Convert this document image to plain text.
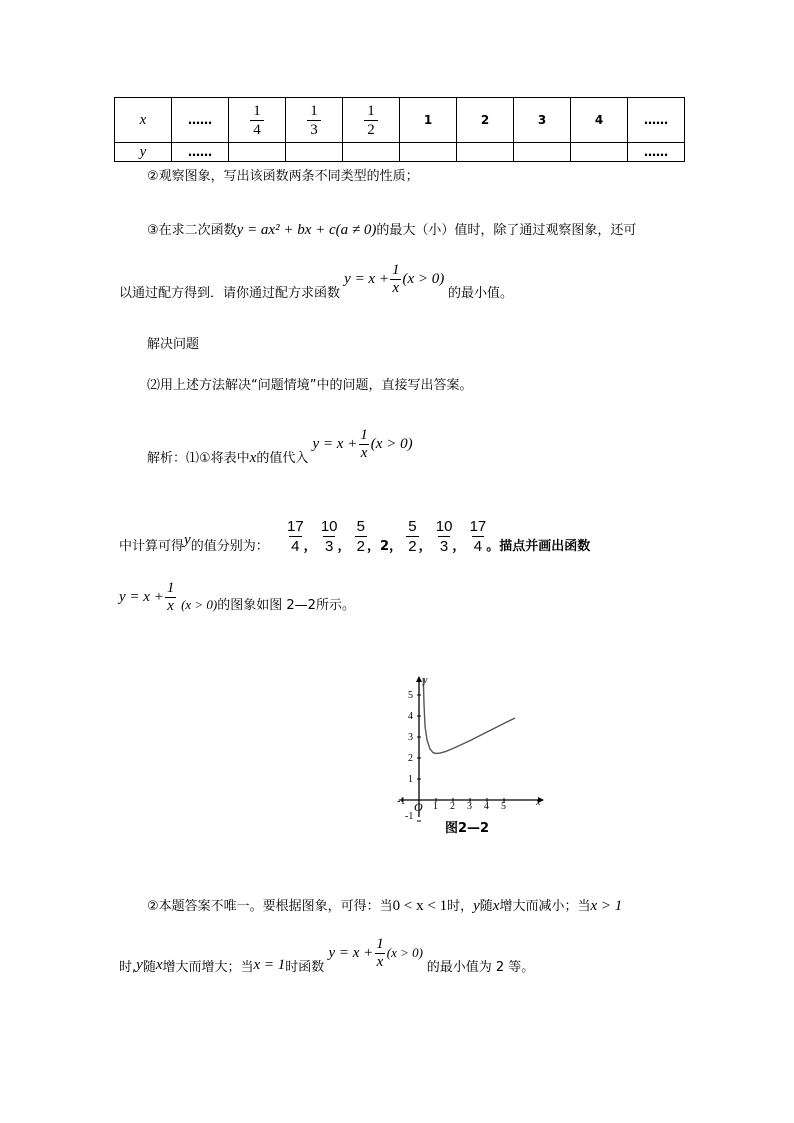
x	……	$\frac{1}{4}$	$\frac{1}{3}$	$\frac{1}{2}$	1	2	3	4	……
y	……								……
②观察图象，写出该函数两条不同类型的性质；
③在求二次函数y = ax² + bx + c(a ≠ 0)的最大（小）值时，除了通过观察图象，还可
以通过配方得到．请你通过配方求函数 $y = x + \frac{1}{x} (x > 0)$ 的最小值。
解决问题
⑵用上述方法解决“问题情境”中的问题，直接写出答案。
解析：⑴①将表中x的值代入 $y = x + \frac{1}{x} (x > 0)$
中计算可得y的值分别为： $\frac{17}{4}$ ， $\frac{10}{3}$ ， $\frac{5}{2}$ ，2， $\frac{5}{2}$ ， $\frac{10}{3}$ ， $\frac{17}{4}$ 。描点并画出函数
$y = x + \frac{1}{x} (x > 0)$的图象如图 2—2所示。
y
x
O
-1	1 2 3 4 5
5
4
3
2
1
-1
图2—2
②本题答案不唯一。要根据图象，可得：当0 < x < 1时，y随x增大而减小；当x > 1
时,y随x增大而增大；当x = 1时函数 $y = x + \frac{1}{x} (x > 0)$ 的最小值为 2 等。
